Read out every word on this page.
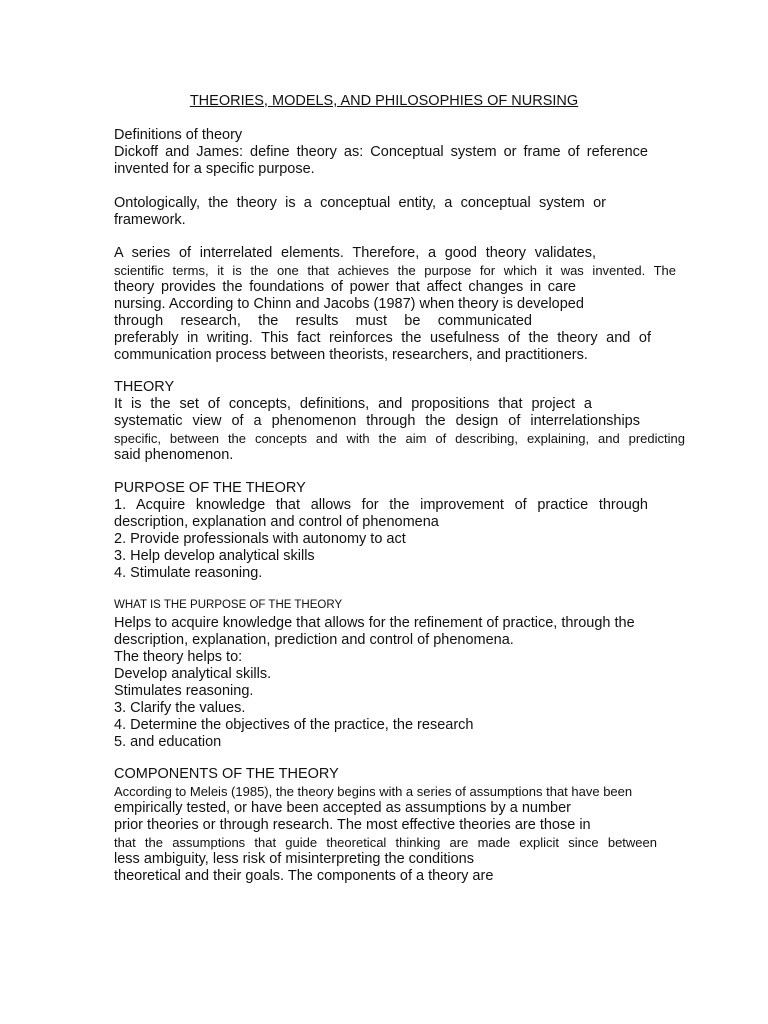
THEORIES, MODELS, AND PHILOSOPHIES OF NURSING

Definitions of theory

Dickoff and James: define theory as: Conceptual system or frame of reference

invented for a specific purpose.

Ontologically, the theory is a conceptual entity, a conceptual system or

framework.

A series of interrelated elements. Therefore, a good theory validates,

scientific terms, it is the one that achieves the purpose for which it was invented. The

theory provides the foundations of power that affect changes in care

nursing. According to Chinn and Jacobs (1987) when theory is developed

through research, the results must be communicated

preferably in writing. This fact reinforces the usefulness of the theory and of

communication process between theorists, researchers, and practitioners.

THEORY

It is the set of concepts, definitions, and propositions that project a

systematic view of a phenomenon through the design of interrelationships

specific, between the concepts and with the aim of describing, explaining, and predicting

said phenomenon.

PURPOSE OF THE THEORY

1. Acquire knowledge that allows for the improvement of practice through

description, explanation and control of phenomena

2. Provide professionals with autonomy to act

3. Help develop analytical skills

4. Stimulate reasoning.

WHAT IS THE PURPOSE OF THE THEORY

Helps to acquire knowledge that allows for the refinement of practice, through the

description, explanation, prediction and control of phenomena.

The theory helps to:

Develop analytical skills.

Stimulates reasoning.

3. Clarify the values.

4. Determine the objectives of the practice, the research

5. and education

COMPONENTS OF THE THEORY

According to Meleis (1985), the theory begins with a series of assumptions that have been

empirically tested, or have been accepted as assumptions by a number

prior theories or through research. The most effective theories are those in

that the assumptions that guide theoretical thinking are made explicit since between

less ambiguity, less risk of misinterpreting the conditions

theoretical and their goals. The components of a theory are
